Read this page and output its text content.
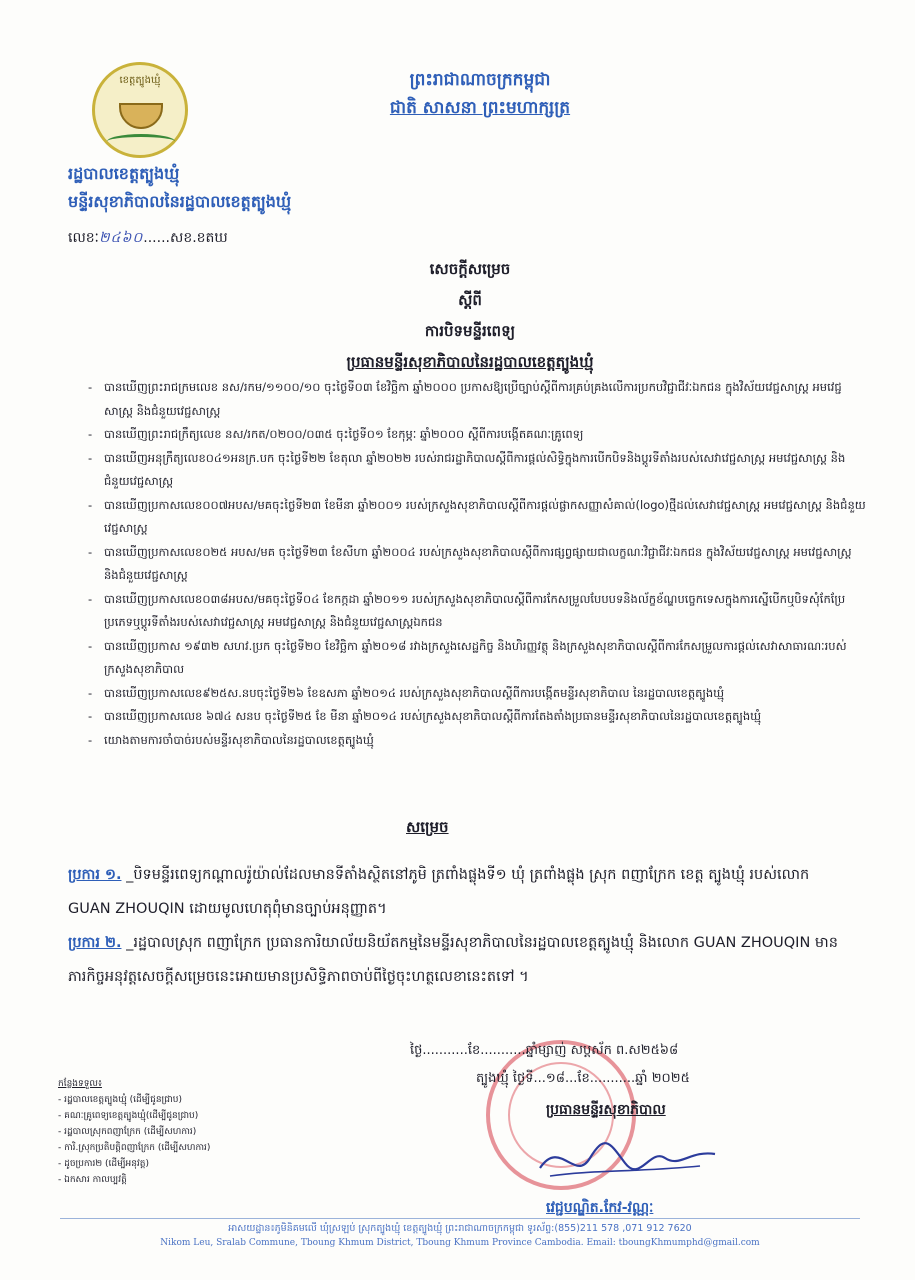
ខេត្តត្បូងឃ្មុំ	ព្រះរាជាណាចក្រកម្ពុជា
ជាតិ សាសនា ព្រះមហាក្សត្រ
រដ្ឋបាលខេត្តត្បូងឃ្មុំ
មន្ទីរសុខាភិបាលនៃរដ្ឋបាលខេត្តត្បូងឃ្មុំ
លេខៈ២៤៦០......សខ.ខតឃ
សេចក្តីសម្រេច
ស្តីពី
ការបិទមន្ទីរពេទ្យ
ប្រធានមន្ទីរសុខាភិបាលនៃរដ្ឋបាលខេត្តត្បូងឃ្មុំ
- បានឃើញព្រះរាជក្រមលេខ នស/រកម/១១០០/១០ ចុះថ្ងៃទី០៣ ខែវិច្ឆិកា ឆ្នាំ២០០០ ប្រកាសឱ្យប្រើច្បាប់ស្តីពីការគ្រប់គ្រងលើការប្រកបវិជ្ជាជីវៈឯកជន ក្នុងវិស័យវេជ្ជសាស្ត្រ អមវេជ្ជសាស្ត្រ និងជំនួយវេជ្ជសាស្ត្រ
- បានឃើញព្រះរាជក្រឹត្យលេខ នស/រកត/០២០០/០៣៥ ចុះថ្ងៃទី០១ ខែកុម្ភៈ ឆ្នាំ២០០០ ស្តីពីការបង្កើតគណៈគ្រូពេទ្យ
- បានឃើញអនុក្រឹត្យលេខ០៤១អនក្រ.បក ចុះថ្ងៃទី២២ ខែតុលា ឆ្នាំ២០២២ របស់រាជរដ្ឋាភិបាលស្តីពីការផ្តល់សិទ្ធិក្នុងការបើកបិទនិងប្តូរទីតាំងរបស់សេវាវេជ្ជសាស្ត្រ អមវេជ្ជសាស្ត្រ និងជំនួយវេជ្ជសាស្ត្រ
- បានឃើញប្រកាសលេខ០០៧អបស/មគចុះថ្ងៃទី២៣ ខែមីនា ឆ្នាំ២០០១ របស់ក្រសួងសុខាភិបាលស្តីពីការផ្តល់ផ្លាកសញ្ញាសំគាល់(logo)ថ្មីដល់សេវាវេជ្ជសាស្ត្រ អមវេជ្ជសាស្ត្រ និងជំនួយវេជ្ជសាស្ត្រ
- បានឃើញប្រកាសលេខ០២៥ អបស/មគ ចុះថ្ងៃទី២៣ ខែសីហា ឆ្នាំ២០០៤ របស់ក្រសួងសុខាភិបាលស្តីពីការផ្សព្វផ្សាយជាលក្ខណៈវិជ្ជាជីវៈឯកជន ក្នុងវិស័យវេជ្ជសាស្ត្រ អមវេជ្ជសាស្ត្រ និងជំនួយវេជ្ជសាស្ត្រ
- បានឃើញប្រកាសលេខ០៣៨អបស/មគចុះថ្ងៃទី០៤ ខែកក្កដា ឆ្នាំ២០១១ របស់ក្រសួងសុខាភិបាលស្តីពីការកែសម្រួលបែបបទនិងល័ក្ខខ័ណ្ឌបច្ចេកទេសក្នុងការស្នើបើកឬបិទសុំកែប្រែប្រភេទឬប្តូរទីតាំងរបស់សេវាវេជ្ជសាស្ត្រ អមវេជ្ជសាស្ត្រ និងជំនួយវេជ្ជសាស្ត្រឯកជន
- បានឃើញប្រកាស ១៩៣២ សហវ.ប្រក ចុះថ្ងៃទី២០ ខែវិច្ឆិកា ឆ្នាំ២០១៨ រវាងក្រសួងសេដ្ឋកិច្ច និងហិរញ្ញវត្ថុ និងក្រសួងសុខាភិបាលស្តីពីការកែសម្រួលការផ្តល់សេវាសាធារណៈរបស់ ក្រសួងសុខាភិបាល
- បានឃើញប្រកាសលេខ៩២៥ស.នបចុះថ្ងៃទី២៦ ខែឧសភា ឆ្នាំ២០១៤ របស់ក្រសួងសុខាភិបាលស្តីពីការបង្កើតមន្ទីរសុខាភិបាល នៃរដ្ឋបាលខេត្តត្បូងឃ្មុំ
- បានឃើញប្រកាសលេខ ៦៧៤ សនប ចុះថ្ងៃទី២៥ ខែ មីនា ឆ្នាំ២០១៤ របស់ក្រសួងសុខាភិបាលស្តីពីការតែងតាំងប្រធានមន្ទីរសុខាភិបាលនៃរដ្ឋបាលខេត្តត្បូងឃ្មុំ
- យោងតាមការចាំបាច់របស់មន្ទីរសុខាភិបាលនៃរដ្ឋបាលខេត្តត្បូងឃ្មុំ
សម្រេច
ប្រការ ១. _បិទមន្ទីរពេទ្យកណ្តាលរ៉ូយ៉ាល់ដែលមានទីតាំងស្ថិតនៅភូមិ ត្រពាំងផ្លុងទី១ ឃុំ ត្រពាំងផ្លុង ស្រុក ពញាក្រែក ខេត្ត ត្បូងឃ្មុំ របស់លោក GUAN ZHOUQIN ដោយមូលហេតុពុំមានច្បាប់អនុញ្ញាត។
ប្រការ ២. _រដ្ឋបាលស្រុក ពញាក្រែក ប្រធានការិយាល័យនិយ័តកម្មនៃមន្ទីរសុខាភិបាលនៃរដ្ឋបាលខេត្តត្បូងឃ្មុំ និងលោក GUAN ZHOUQIN មានភារកិច្ចអនុវត្តសេចក្តីសម្រេចនេះអោយមានប្រសិទ្ធិភាពចាប់ពីថ្ងៃចុះហត្ថលេខានេះតទៅ ។
ថ្ងៃ...........ខែ...........ឆ្នាំម្សាញ់ សប្តស័ក ព.ស២៥៦៨
ត្បូងឃ្មុំ ថ្ងៃទី...១៨...ខែ...........ឆ្នាំ ២០២៥
ប្រធានមន្ទីរសុខាភិបាល
វេជ្ជបណ្ឌិត.កែវ-វណ្ណៈ
កន្លែងទទួល៖
- រដ្ឋបាលខេត្តត្បូងឃ្មុំ (ដើម្បីជូនជ្រាប)
- គណៈគ្រូពេទ្យខេត្តត្បូងឃ្មុំ(ដើម្បីជូនជ្រាប)
- រដ្ឋបាលស្រុកពញាក្រែក (ដើម្បីសហការ)
- ការិ.ស្រុកប្រតិបត្តិពញាក្រែក (ដើម្បីសហការ)
- ដូចប្រការ២ (ដើម្បីអនុវត្ត)
- ឯកសារ កាលប្បវត្តិ
អាសយដ្ឋាន៖ភូមិនិគមលើ ឃុំស្រឡប់ ស្រុកត្បូងឃ្មុំ ខេត្តត្បូងឃ្មុំ ព្រះរាជាណាចក្រកម្ពុជា ទូរស័ព្ទ:(855)211 578 ,071 912 7620
Nikom Leu, Sralab Commune, Tboung Khmum District, Tboung Khmum Province Cambodia. Email: tboungKhmumphd@gmail.com
